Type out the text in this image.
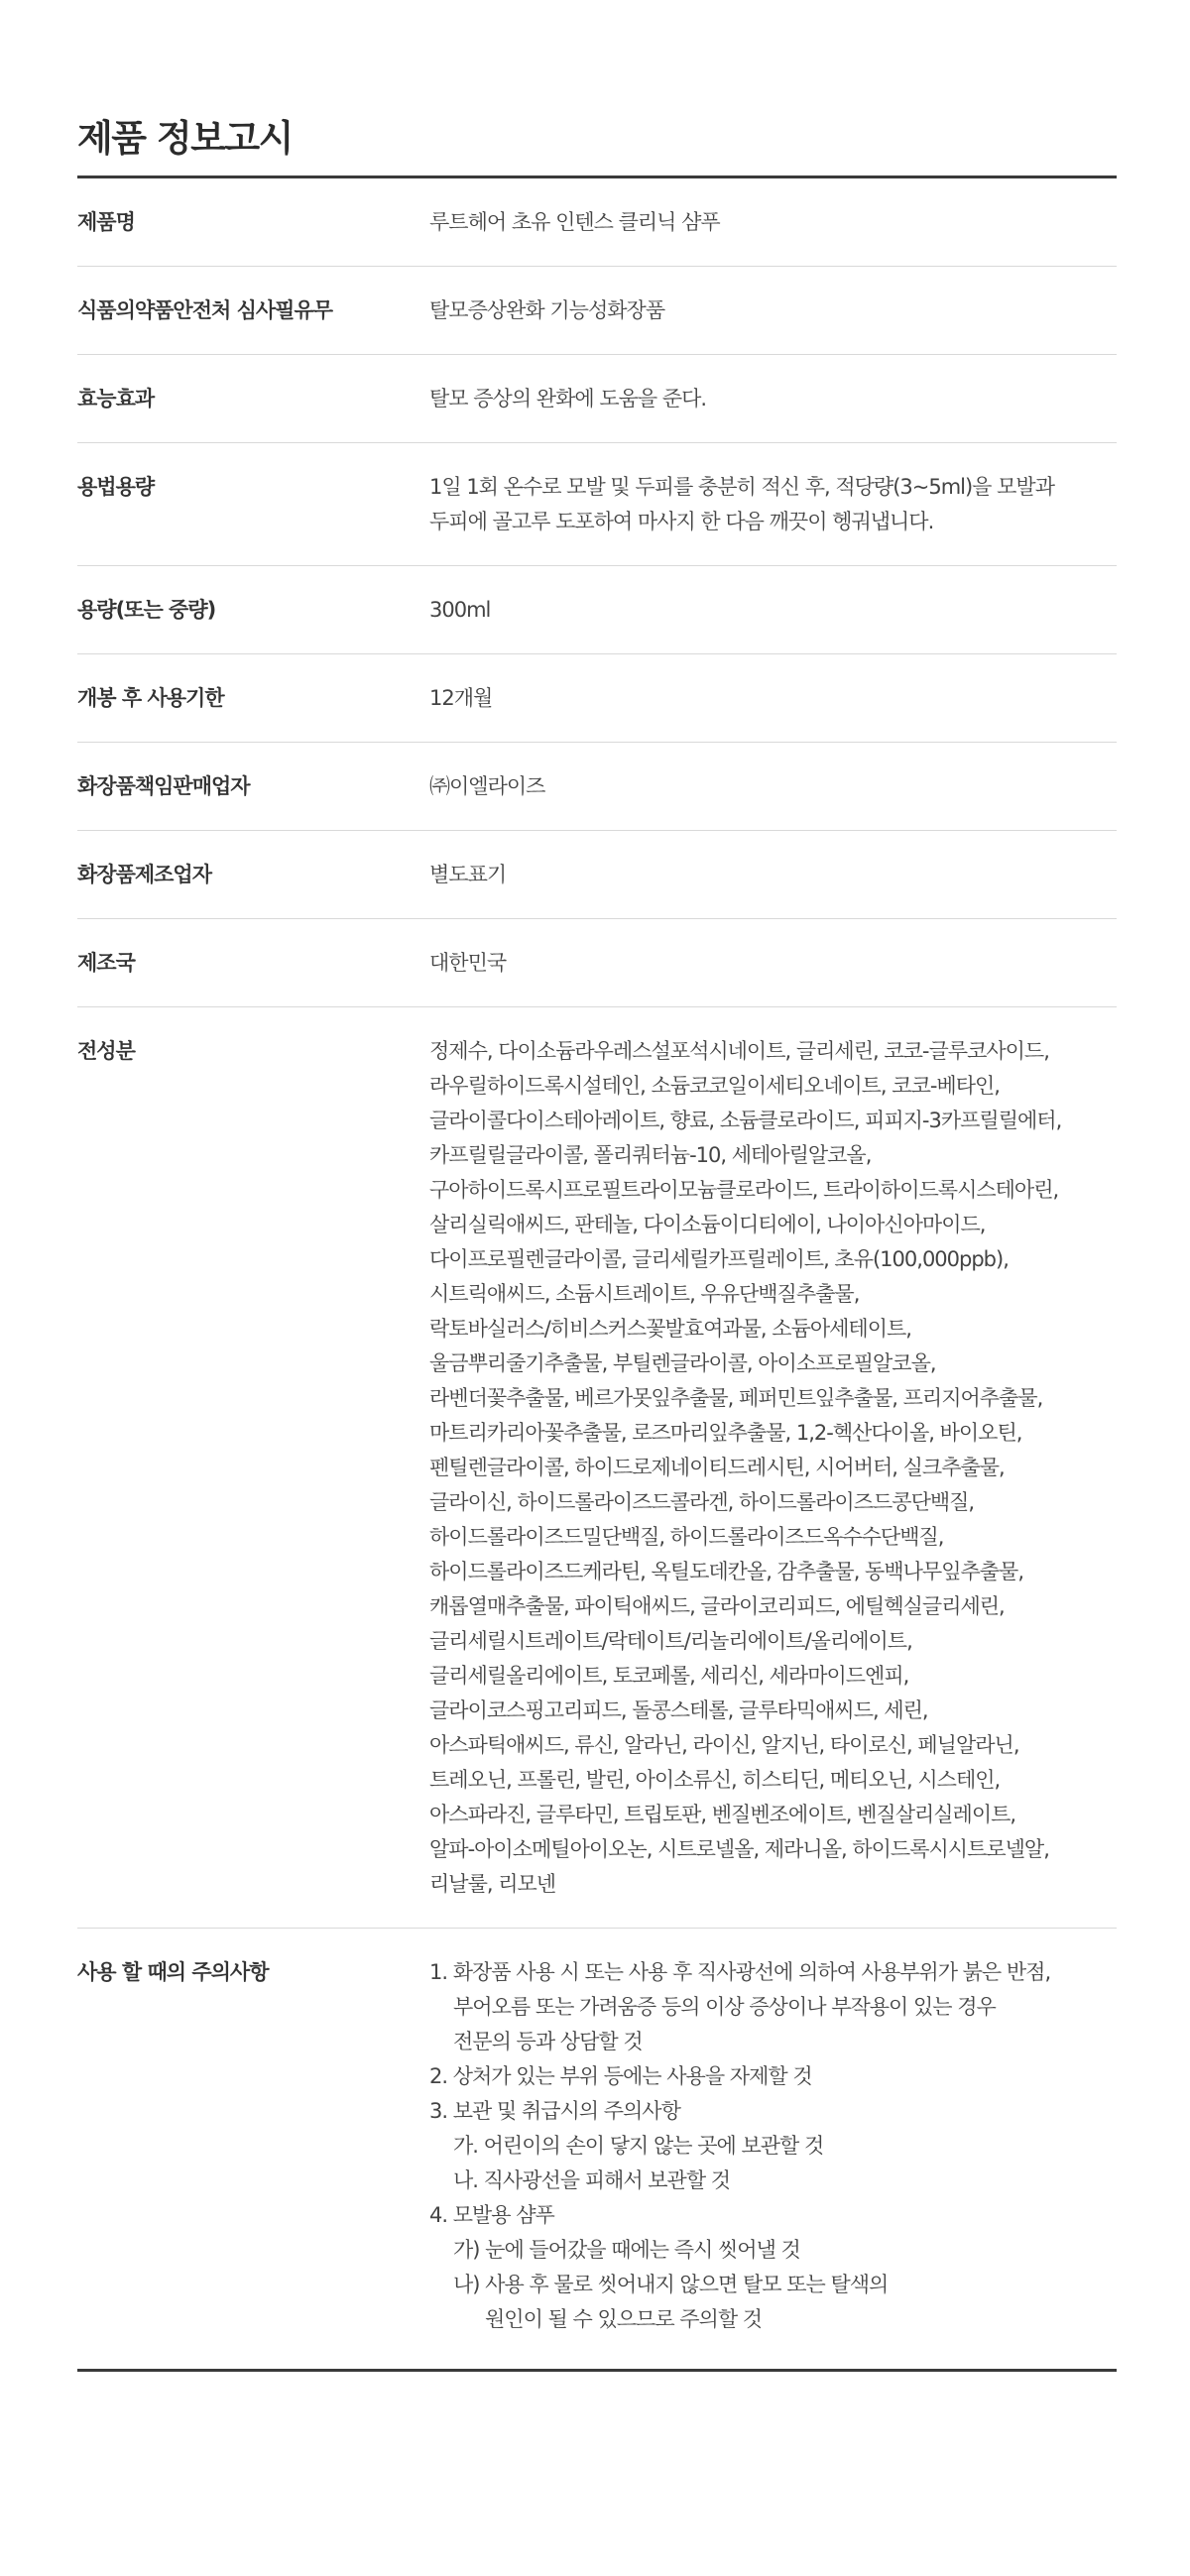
제품 정보고시
제품명	루트헤어 초유 인텐스 클리닉 샴푸
식품의약품안전처 심사필유무	탈모증상완화 기능성화장품
효능효과	탈모 증상의 완화에 도움을 준다.
용법용량	1일 1회 온수로 모발 및 두피를 충분히 적신 후, 적당량(3~5ml)을 모발과
두피에 골고루 도포하여 마사지 한 다음 깨끗이 헹궈냅니다.
용량(또는 중량)	300ml
개봉 후 사용기한	12개월
화장품책임판매업자	㈜이엘라이즈
화장품제조업자	별도표기
제조국	대한민국
전성분	정제수, 다이소듐라우레스설포석시네이트, 글리세린, 코코-글루코사이드,
라우릴하이드록시설테인, 소듐코코일이세티오네이트, 코코-베타인,
글라이콜다이스테아레이트, 향료, 소듐클로라이드, 피피지-3카프릴릴에터,
카프릴릴글라이콜, 폴리쿼터늄-10, 세테아릴알코올,
구아하이드록시프로필트라이모늄클로라이드, 트라이하이드록시스테아린,
살리실릭애씨드, 판테놀, 다이소듐이디티에이, 나이아신아마이드,
다이프로필렌글라이콜, 글리세릴카프릴레이트, 초유(100,000ppb),
시트릭애씨드, 소듐시트레이트, 우유단백질추출물,
락토바실러스/히비스커스꽃발효여과물, 소듐아세테이트,
울금뿌리줄기추출물, 부틸렌글라이콜, 아이소프로필알코올,
라벤더꽃추출물, 베르가못잎추출물, 페퍼민트잎추출물, 프리지어추출물,
마트리카리아꽃추출물, 로즈마리잎추출물, 1,2-헥산다이올, 바이오틴,
펜틸렌글라이콜, 하이드로제네이티드레시틴, 시어버터, 실크추출물,
글라이신, 하이드롤라이즈드콜라겐, 하이드롤라이즈드콩단백질,
하이드롤라이즈드밀단백질, 하이드롤라이즈드옥수수단백질,
하이드롤라이즈드케라틴, 옥틸도데칸올, 감추출물, 동백나무잎추출물,
캐롭열매추출물, 파이틱애씨드, 글라이코리피드, 에틸헥실글리세린,
글리세릴시트레이트/락테이트/리놀리에이트/올리에이트,
글리세릴올리에이트, 토코페롤, 세리신, 세라마이드엔피,
글라이코스핑고리피드, 돌콩스테롤, 글루타믹애씨드, 세린,
아스파틱애씨드, 류신, 알라닌, 라이신, 알지닌, 타이로신, 페닐알라닌,
트레오닌, 프롤린, 발린, 아이소류신, 히스티딘, 메티오닌, 시스테인,
아스파라진, 글루타민, 트립토판, 벤질벤조에이트, 벤질살리실레이트,
알파-아이소메틸아이오논, 시트로넬올, 제라니올, 하이드록시시트로넬알,
리날룰, 리모넨
사용 할 때의 주의사항	1. 화장품 사용 시 또는 사용 후 직사광선에 의하여 사용부위가 붉은 반점,
부어오름 또는 가려움증 등의 이상 증상이나 부작용이 있는 경우
전문의 등과 상담할 것
2. 상처가 있는 부위 등에는 사용을 자제할 것
3. 보관 및 취급시의 주의사항
가. 어린이의 손이 닿지 않는 곳에 보관할 것
나. 직사광선을 피해서 보관할 것
4. 모발용 샴푸
가) 눈에 들어갔을 때에는 즉시 씻어낼 것
나) 사용 후 물로 씻어내지 않으면 탈모 또는 탈색의
원인이 될 수 있으므로 주의할 것
